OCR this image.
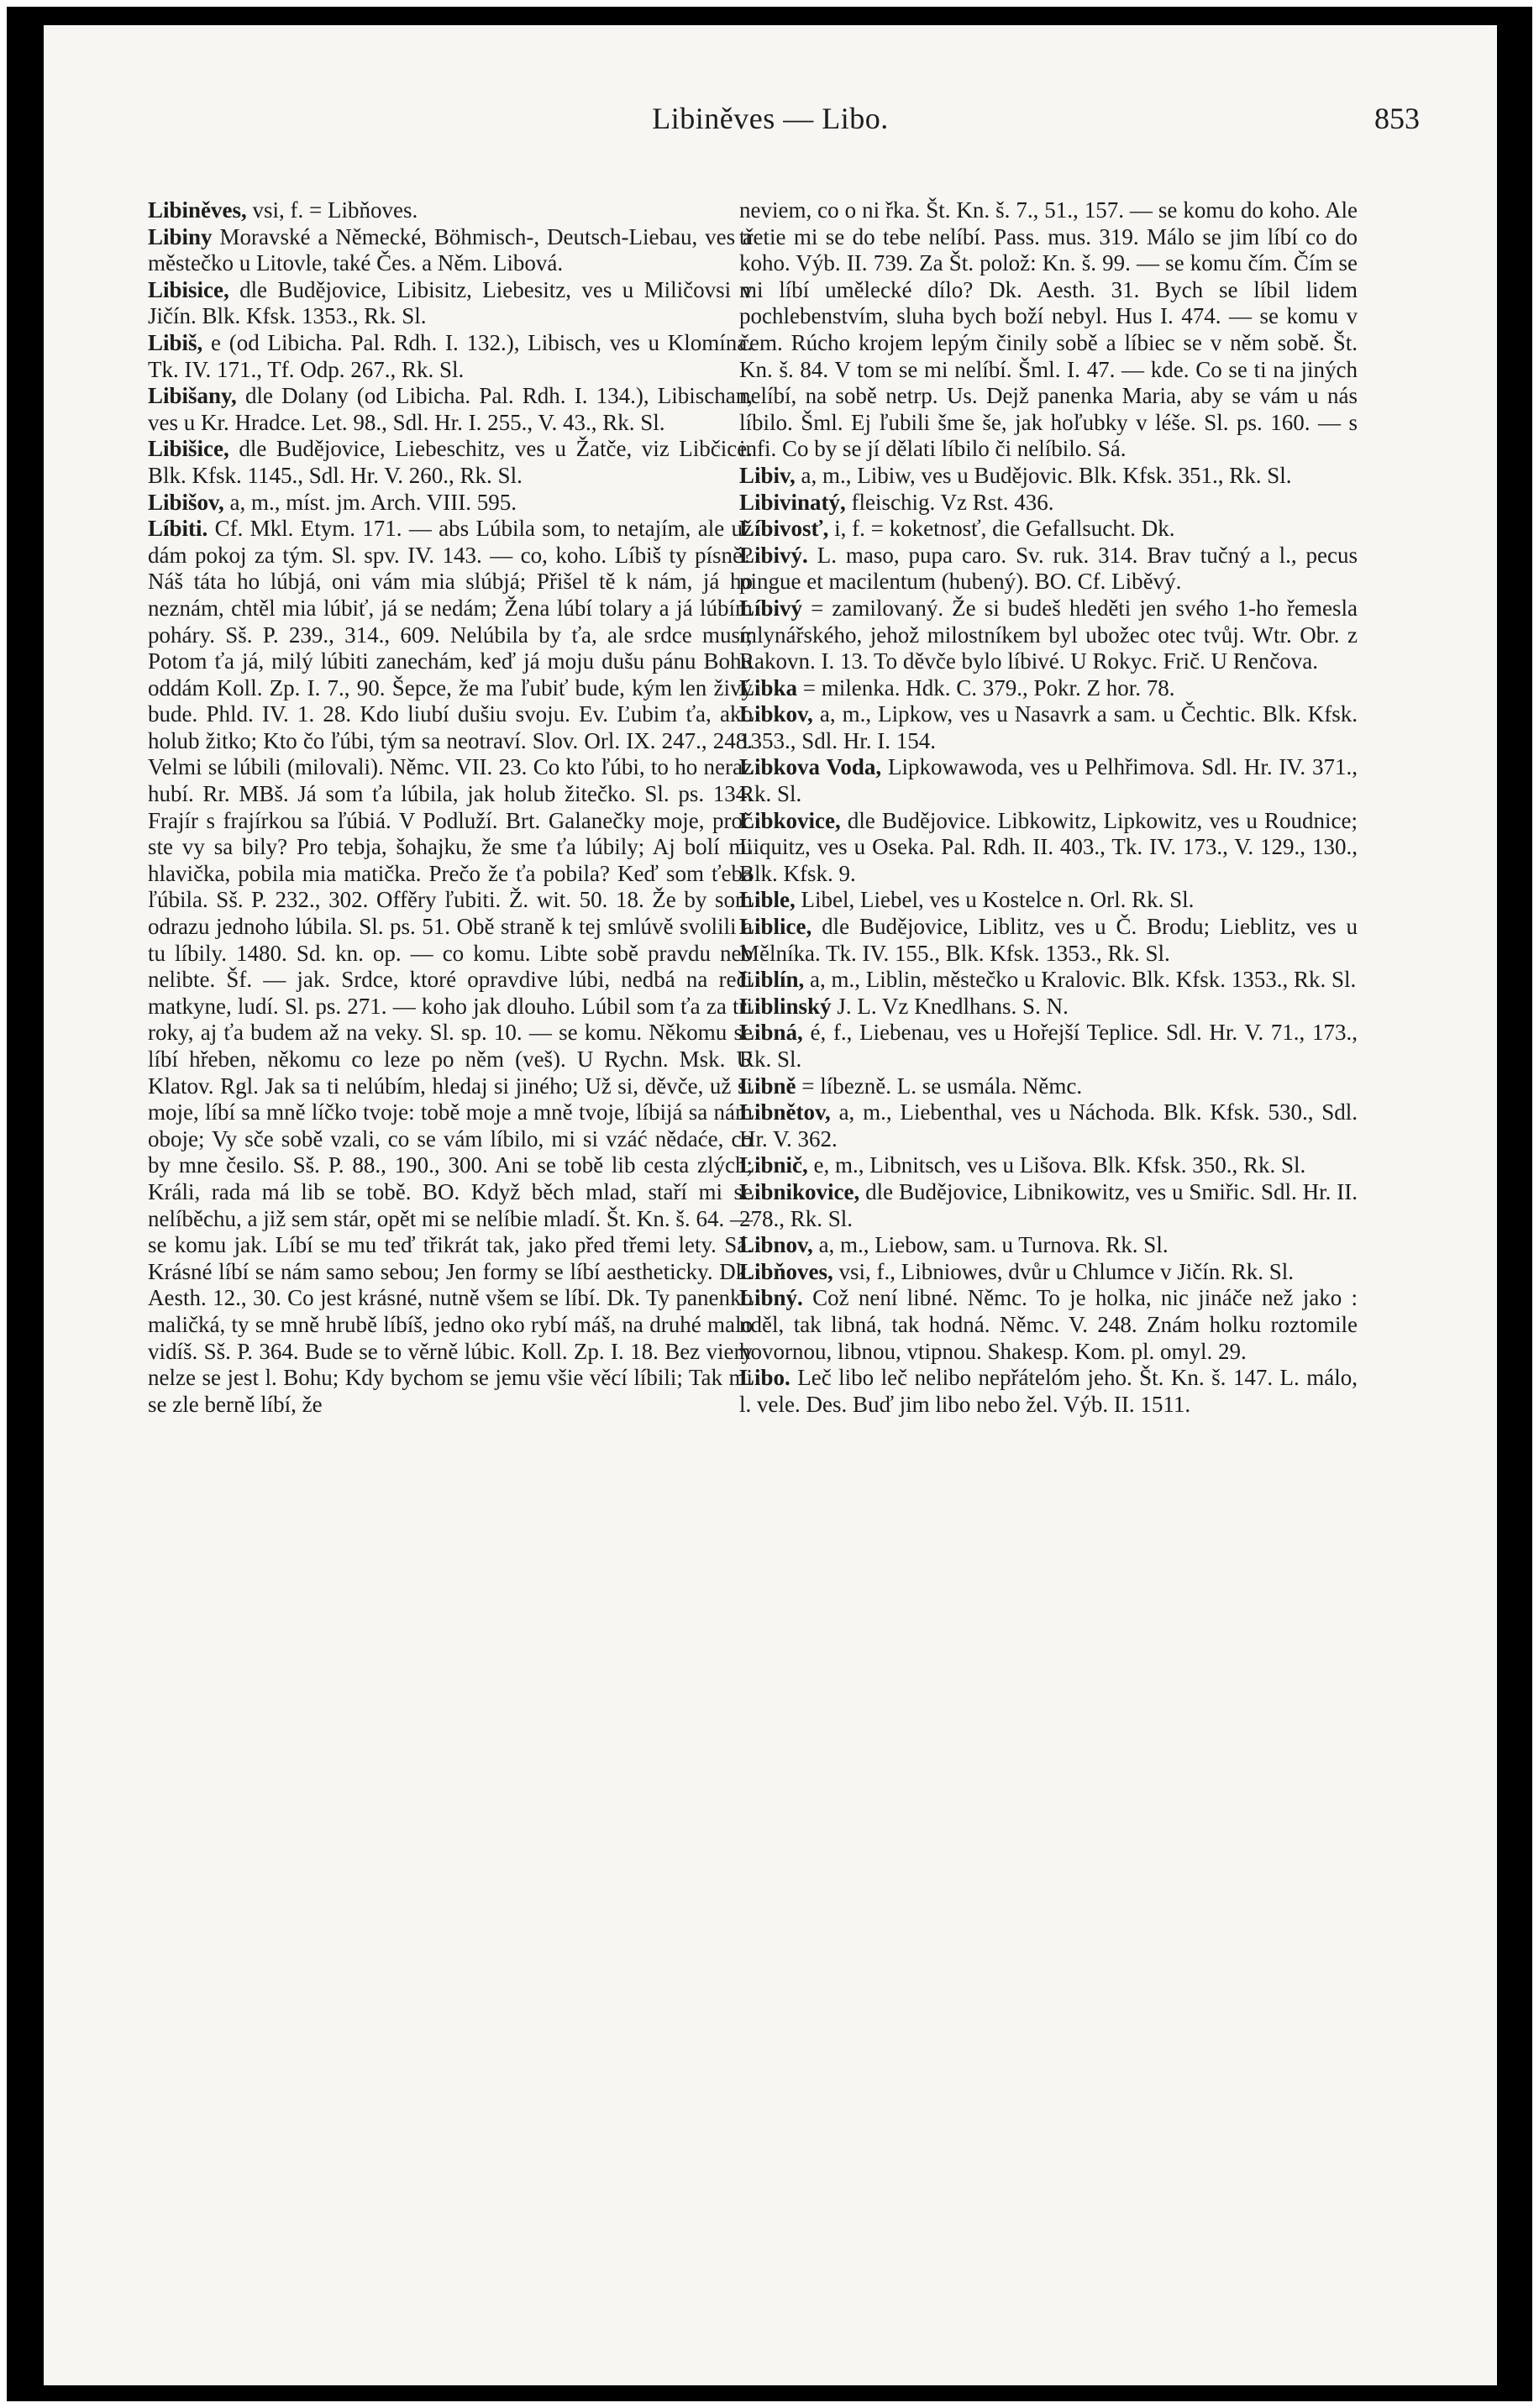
Libiněves — Libo.	853

Libiněves, vsi, f. = Libňoves.

Libiny Moravské a Německé, Böhmisch-, Deutsch-Liebau, ves a městečko u Litovle, také Čes. a Něm. Libová.

Libisice, dle Budějovice, Libisitz, Liebesitz, ves u Miličovsi v Jičín. Blk. Kfsk. 1353., Rk. Sl.

Libiš, e (od Libicha. Pal. Rdh. I. 132.), Libisch, ves u Klomína. Tk. IV. 171., Tf. Odp. 267., Rk. Sl.

Libišany, dle Dolany (od Libicha. Pal. Rdh. I. 134.), Libischan, ves u Kr. Hradce. Let. 98., Sdl. Hr. I. 255., V. 43., Rk. Sl.

Libišice, dle Budějovice, Liebeschitz, ves u Žatče, viz Libčice. Blk. Kfsk. 1145., Sdl. Hr. V. 260., Rk. Sl.

Libišov, a, m., míst. jm. Arch. VIII. 595.

Líbiti. Cf. Mkl. Etym. 171. — abs Lúbila som, to netajím, ale už dám pokoj za tým. Sl. spv. IV. 143. — co, koho. Líbiš ty písně? Náš táta ho lúbjá, oni vám mia slúbjá; Přišel tě k nám, já ho neznám, chtěl mia lúbiť, já se nedám; Žena lúbí tolary a já lúbím poháry. Sš. P. 239., 314., 609. Nelúbila by ťa, ale srdce musí; Potom ťa já, milý lúbiti zanechám, keď já moju dušu pánu Bohu oddám Koll. Zp. I. 7., 90. Šepce, že ma ľubiť bude, kým len živý bude. Phld. IV. 1. 28. Kdo liubí dušiu svoju. Ev. Ľubim ťa, ako holub žitko; Kto čo ľúbi, tým sa neotraví. Slov. Orl. IX. 247., 248. Velmi se lúbili (milovali). Němc. VII. 23. Co kto ľúbi, to ho neraz hubí. Rr. MBš. Já som ťa lúbila, jak holub žitečko. Sl. ps. 134. Frajír s frajírkou sa ľúbiá. V Podluží. Brt. Galanečky moje, proč ste vy sa bily? Pro tebja, šohajku, že sme ťa lúbily; Aj bolí mi hlavička, pobila mia matička. Prečo že ťa pobila? Keď som ťeba ľúbila. Sš. P. 232., 302. Offěry ľubiti. Ž. wit. 50. 18. Že by som odrazu jednoho lúbila. Sl. ps. 51. Obě straně k tej smlúvě svolili a tu líbily. 1480. Sd. kn. op. — co komu. Libte sobě pravdu neb nelibte. Šf. — jak. Srdce, ktoré opravdive lúbi, nedbá na reči matkyne, ludí. Sl. ps. 271. — koho jak dlouho. Lúbil som ťa za tri roky, aj ťa budem až na veky. Sl. sp. 10. — se komu. Někomu se líbí hřeben, někomu co leze po něm (veš). U Rychn. Msk. U Klatov. Rgl. Jak sa ti nelúbím, hledaj si jiného; Už si, děvče, už si moje, líbí sa mně líčko tvoje: tobě moje a mně tvoje, líbijá sa nám oboje; Vy sče sobě vzali, co se vám líbilo, mi si vzáć nědaće, co by mne česilo. Sš. P. 88., 190., 300. Ani se tobě lib cesta zlých; Králi, rada má lib se tobě. BO. Když běch mlad, staří mi se nelíběchu, a již sem stár, opět mi se nelíbie mladí. Št. Kn. š. 64. — se komu jak. Líbí se mu teď třikrát tak, jako před třemi lety. Sá. Krásné líbí se nám samo sebou; Jen formy se líbí aestheticky. Dk. Aesth. 12., 30. Co jest krásné, nutně všem se líbí. Dk. Ty panenko maličká, ty se mně hrubě líbíš, jedno oko rybí máš, na druhé malo vidíš. Sš. P. 364. Bude se to věrně lúbic. Koll. Zp. I. 18. Bez viery nelze se jest l. Bohu; Kdy bychom se jemu všie věcí líbili; Tak mi se zle berně líbí, že

neviem, co o ni řka. Št. Kn. š. 7., 51., 157. — se komu do koho. Ale třetie mi se do tebe nelíbí. Pass. mus. 319. Málo se jim líbí co do koho. Výb. II. 739. Za Št. polož: Kn. š. 99. — se komu čím. Čím se mi líbí umělecké dílo? Dk. Aesth. 31. Bych se líbil lidem pochlebenstvím, sluha bych boží nebyl. Hus I. 474. — se komu v čem. Rúcho krojem lepým činily sobě a líbiec se v něm sobě. Št. Kn. š. 84. V tom se mi nelíbí. Šml. I. 47. — kde. Co se ti na jiných nelíbí, na sobě netrp. Us. Dejž panenka Maria, aby se vám u nás líbilo. Šml. Ej ľubili šme še, jak hoľubky v léše. Sl. ps. 160. — s infi. Co by se jí dělati líbilo či nelíbilo. Sá.

Libiv, a, m., Libiw, ves u Budějovic. Blk. Kfsk. 351., Rk. Sl.

Libivinatý, fleischig. Vz Rst. 436.

Líbivosť, i, f. = koketnosť, die Gefallsucht. Dk.

Libivý. L. maso, pupa caro. Sv. ruk. 314. Brav tučný a l., pecus pingue et macilentum (hubený). BO. Cf. Liběvý.

Líbivý = zamilovaný. Že si budeš hleděti jen svého 1-ho řemesla mlynářského, jehož milostníkem byl ubožec otec tvůj. Wtr. Obr. z Rakovn. I. 13. To děvče bylo líbivé. U Rokyc. Frič. U Renčova.

Libka = milenka. Hdk. C. 379., Pokr. Z hor. 78.

Libkov, a, m., Lipkow, ves u Nasavrk a sam. u Čechtic. Blk. Kfsk. 1353., Sdl. Hr. I. 154.

Libkova Voda, Lipkowawoda, ves u Pelhřimova. Sdl. Hr. IV. 371., Rk. Sl.

Libkovice, dle Budějovice. Libkowitz, Lipkowitz, ves u Roudnice; Liquitz, ves u Oseka. Pal. Rdh. II. 403., Tk. IV. 173., V. 129., 130., Blk. Kfsk. 9.

Lible, Libel, Liebel, ves u Kostelce n. Orl. Rk. Sl.

Liblice, dle Budějovice, Liblitz, ves u Č. Brodu; Lieblitz, ves u Mělníka. Tk. IV. 155., Blk. Kfsk. 1353., Rk. Sl.

Liblín, a, m., Liblin, městečko u Kralovic. Blk. Kfsk. 1353., Rk. Sl.

Liblinský J. L. Vz Knedlhans. S. N.

Libná, é, f., Liebenau, ves u Hořejší Teplice. Sdl. Hr. V. 71., 173., Rk. Sl.

Libně = líbezně. L. se usmála. Němc.

Libnětov, a, m., Liebenthal, ves u Náchoda. Blk. Kfsk. 530., Sdl. Hr. V. 362.

Libnič, e, m., Libnitsch, ves u Lišova. Blk. Kfsk. 350., Rk. Sl.

Libnikovice, dle Budějovice, Libnikowitz, ves u Smiřic. Sdl. Hr. II. 278., Rk. Sl.

Libnov, a, m., Liebow, sam. u Turnova. Rk. Sl.

Libňoves, vsi, f., Libniowes, dvůr u Chlumce v Jičín. Rk. Sl.

Libný. Což není libné. Němc. To je holka, nic jináče než jako : nděl, tak libná, tak hodná. Němc. V. 248. Znám holku roztomile hovornou, libnou, vtipnou. Shakesp. Kom. pl. omyl. 29.

Libo. Leč libo leč nelibo nepřátelóm jeho. Št. Kn. š. 147. L. málo, l. vele. Des. Buď jim libo nebo žel. Výb. II. 1511.
